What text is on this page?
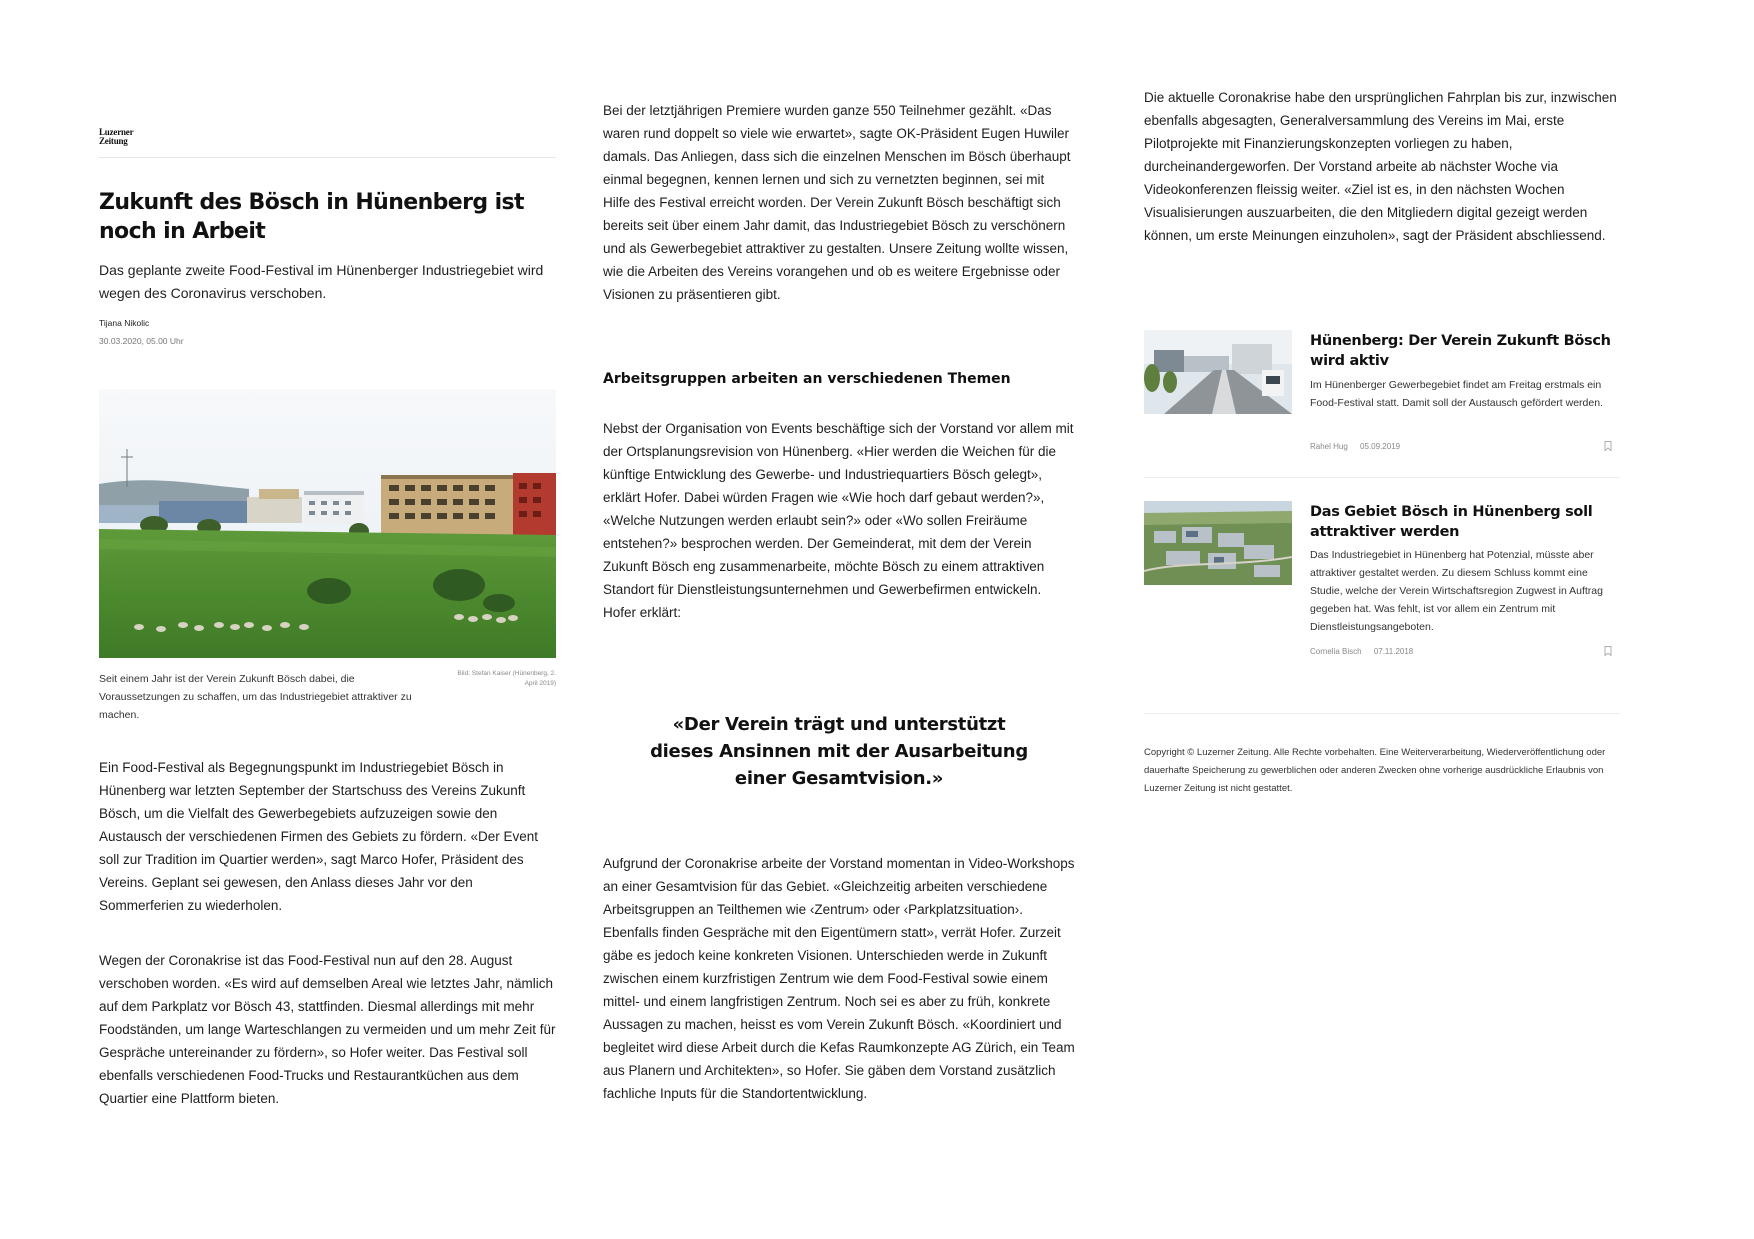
Luzerner
Zeitung
Zukunft des Bösch in Hünenberg ist noch in Arbeit
Das geplante zweite Food-Festival im Hünenberger Industriegebiet wird wegen des Coronavirus verschoben.
Tijana Nikolic
30.03.2020, 05.00 Uhr
Seit einem Jahr ist der Verein Zukunft Bösch dabei, die Voraussetzungen zu schaffen, um das Industriegebiet attraktiver zu machen.
Bild: Stefan Kaiser (Hünenberg, 2. April 2019)

Ein Food-Festival als Begegnungspunkt im Industriegebiet Bösch in Hünenberg war letzten September der Startschuss des Vereins Zukunft Bösch, um die Vielfalt des Gewerbegebiets aufzuzeigen sowie den Austausch der verschiedenen Firmen des Gebiets zu fördern. «Der Event soll zur Tradition im Quartier werden», sagt Marco Hofer, Präsident des Vereins. Geplant sei gewesen, den Anlass dieses Jahr vor den Sommerferien zu wiederholen.

Wegen der Coronakrise ist das Food-Festival nun auf den 28. August verschoben worden. «Es wird auf demselben Areal wie letztes Jahr, nämlich auf dem Parkplatz vor Bösch 43, stattfinden. Diesmal allerdings mit mehr Foodständen, um lange Warteschlangen zu vermeiden und um mehr Zeit für Gespräche untereinander zu fördern», so Hofer weiter. Das Festival soll ebenfalls verschiedenen Food-Trucks und Restaurantküchen aus dem Quartier eine Plattform bieten.

Bei der letztjährigen Premiere wurden ganze 550 Teilnehmer gezählt. «Das waren rund doppelt so viele wie erwartet», sagte OK-Präsident Eugen Huwiler damals. Das Anliegen, dass sich die einzelnen Menschen im Bösch überhaupt einmal begegnen, kennen lernen und sich zu vernetzten beginnen, sei mit Hilfe des Festival erreicht worden. Der Verein Zukunft Bösch beschäftigt sich bereits seit über einem Jahr damit, das Industriegebiet Bösch zu verschönern und als Gewerbegebiet attraktiver zu gestalten. Unsere Zeitung wollte wissen, wie die Arbeiten des Vereins vorangehen und ob es weitere Ergebnisse oder Visionen zu präsentieren gibt.

Arbeitsgruppen arbeiten an verschiedenen Themen

Nebst der Organisation von Events beschäftige sich der Vorstand vor allem mit der Ortsplanungsrevision von Hünenberg. «Hier werden die Weichen für die künftige Entwicklung des Gewerbe- und Industriequartiers Bösch gelegt», erklärt Hofer. Dabei würden Fragen wie «Wie hoch darf gebaut werden?», «Welche Nutzungen werden erlaubt sein?» oder «Wo sollen Freiräume entstehen?» besprochen werden. Der Gemeinderat, mit dem der Verein Zukunft Bösch eng zusammenarbeite, möchte Bösch zu einem attraktiven Standort für Dienstleistungsunternehmen und Gewerbefirmen entwickeln. Hofer erklärt:

«Der Verein trägt und unterstützt dieses Ansinnen mit der Ausarbeitung einer Gesamtvision.»

Aufgrund der Coronakrise arbeite der Vorstand momentan in Video-Workshops an einer Gesamtvision für das Gebiet. «Gleichzeitig arbeiten verschiedene Arbeitsgruppen an Teilthemen wie ‹Zentrum› oder ‹Parkplatzsituation›. Ebenfalls finden Gespräche mit den Eigentümern statt», verrät Hofer. Zurzeit gäbe es jedoch keine konkreten Visionen. Unterschieden werde in Zukunft zwischen einem kurzfristigen Zentrum wie dem Food-Festival sowie einem mittel- und einem langfristigen Zentrum. Noch sei es aber zu früh, konkrete Aussagen zu machen, heisst es vom Verein Zukunft Bösch. «Koordiniert und begleitet wird diese Arbeit durch die Kefas Raumkonzepte AG Zürich, ein Team aus Planern und Architekten», so Hofer. Sie gäben dem Vorstand zusätzlich fachliche Inputs für die Standortentwicklung.

Die aktuelle Coronakrise habe den ursprünglichen Fahrplan bis zur, inzwischen ebenfalls abgesagten, Generalversammlung des Vereins im Mai, erste Pilotprojekte mit Finanzierungskonzepten vorliegen zu haben, durcheinandergeworfen. Der Vorstand arbeite ab nächster Woche via Videokonferenzen fleissig weiter. «Ziel ist es, in den nächsten Wochen Visualisierungen auszuarbeiten, die den Mitgliedern digital gezeigt werden können, um erste Meinungen einzuholen», sagt der Präsident abschliessend.

Hünenberg: Der Verein Zukunft Bösch wird aktiv
Im Hünenberger Gewerbegebiet findet am Freitag erstmals ein Food-Festival statt. Damit soll der Austausch gefördert werden.
Rahel Hug 05.09.2019
Das Gebiet Bösch in Hünenberg soll attraktiver werden
Das Industriegebiet in Hünenberg hat Potenzial, müsste aber attraktiver gestaltet werden. Zu diesem Schluss kommt eine Studie, welche der Verein Wirtschaftsregion Zugwest in Auftrag gegeben hat. Was fehlt, ist vor allem ein Zentrum mit Dienstleistungsangeboten.
Cornelia Bisch 07.11.2018
Copyright © Luzerner Zeitung. Alle Rechte vorbehalten. Eine Weiterverarbeitung, Wiederveröffentlichung oder dauerhafte Speicherung zu gewerblichen oder anderen Zwecken ohne vorherige ausdrückliche Erlaubnis von Luzerner Zeitung ist nicht gestattet.
